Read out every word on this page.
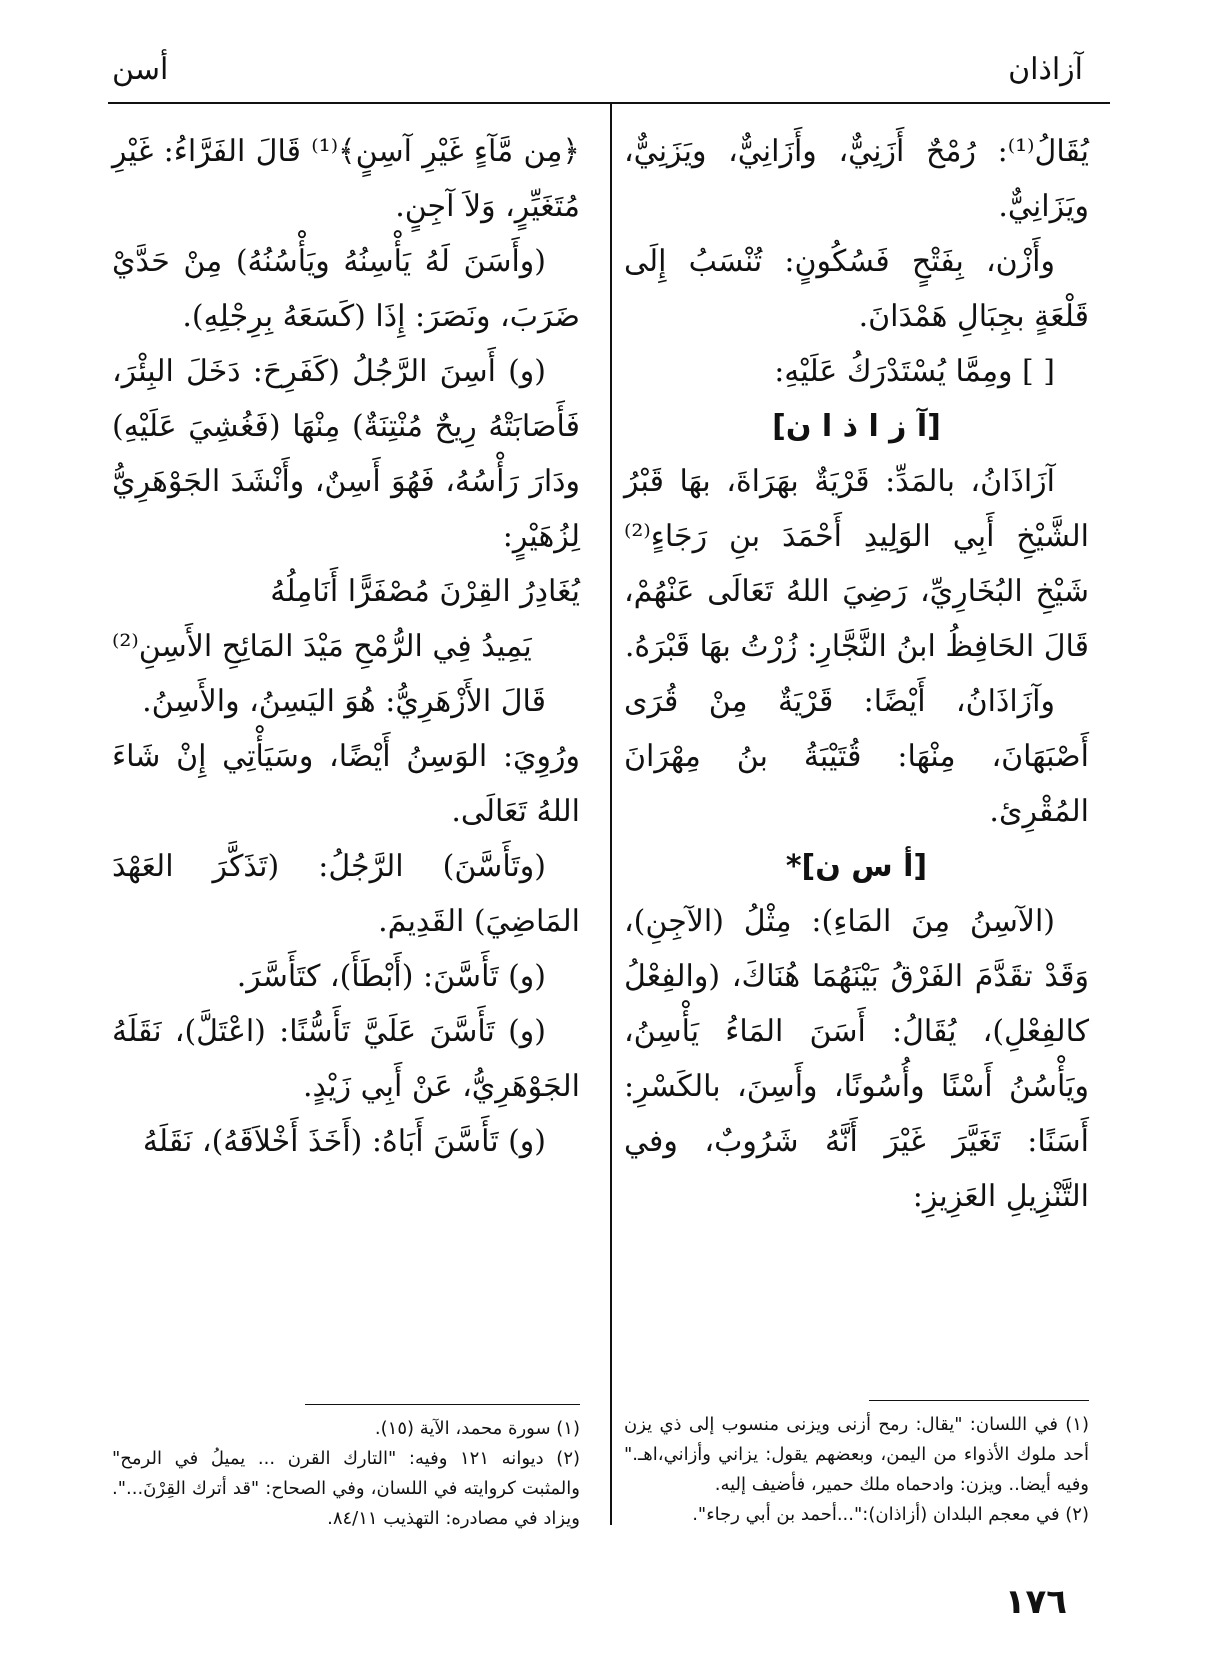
آزاذان
أسن

يُقَالُ⁽¹⁾: رُمْحٌ أَزَنِيٌّ، وأَزَانِيٌّ، ويَزَنِيٌّ، ويَزَانِيٌّ.

وأَزْن، بِفَتْحٍ فَسُكُونٍ: تُنْسَبُ إِلَى قَلْعَةٍ بجِبَالِ هَمْدَانَ.

[ ] ومِمَّا يُسْتَدْرَكُ عَلَيْهِ:

[آ ز ا ذ ا ن]

آزَاذَانُ، بالمَدِّ: قَرْيَةٌ بهَرَاةَ، بهَا قَبْرُ الشَّيْخِ أَبِي الوَلِيدِ أَحْمَدَ بنِ رَجَاءٍ⁽²⁾ شَيْخِ البُخَارِيِّ، رَضِيَ اللهُ تَعَالَى عَنْهُمْ، قَالَ الحَافِظُ ابنُ النَّجَّارِ: زُرْتُ بهَا قَبْرَهُ.

وآزَاذَانُ، أَيْضًا: قَرْيَةٌ مِنْ قُرَى أَصْبَهَانَ، مِنْهَا: قُتَيْبَةُ بنُ مِهْرَانَ المُقْرِئ.

[أ س ن]*

(الآسِنُ مِنَ المَاءِ): مِثْلُ (الآجِنِ)، وَقَدْ تقَدَّمَ الفَرْقُ بَيْنَهُمَا هُنَاكَ، (والفِعْلُ كالفِعْلِ)، يُقَالُ: أَسَنَ المَاءُ يَأْسِنُ، ويَأْسُنُ أَسْنًا وأُسُونًا، وأَسِنَ، بالكَسْرِ: أَسَنًا: تَغَيَّرَ غَيْرَ أَنَّهُ شَرُوبٌ، وفي التَّنْزِيلِ العَزِيزِ:

﴿مِن مَّآءٍ غَيْرِ آسِنٍ﴾⁽¹⁾ قَالَ الفَرَّاءُ: غَيْرِ مُتَغَيِّرٍ، وَلاَ آجِنٍ.

(وأَسَنَ لَهُ يَأْسِنُهُ ويَأْسُنُهُ) مِنْ حَدَّيْ ضَرَبَ، ونَصَرَ: إِذَا (كَسَعَهُ بِرِجْلِهِ).

(و) أَسِنَ الرَّجُلُ (كَفَرِحَ: دَخَلَ البِئْرَ، فَأَصَابَتْهُ رِيحٌ مُنْتِنَةٌ) مِنْهَا (فَغُشِيَ عَلَيْهِ) ودَارَ رَأْسُهُ، فَهُوَ أَسِنٌ، وأَنْشَدَ الجَوْهَرِيُّ لِزُهَيْرٍ:

يُغَادِرُ القِرْنَ مُصْفَرًّا أَنَامِلُهُ

يَمِيدُ فِي الرُّمْحِ مَيْدَ المَائِحِ الأَسِنِ⁽²⁾

قَالَ الأَزْهَرِيُّ: هُوَ اليَسِنُ، والأَسِنُ.

ورُوِيَ: الوَسِنُ أَيْضًا، وسَيَأْتِي إِنْ شَاءَ اللهُ تَعَالَى.

(وتَأَسَّنَ) الرَّجُلُ: (تَذَكَّرَ العَهْدَ المَاضِيَ) القَدِيمَ.

(و) تَأَسَّنَ: (أَبْطَأَ)، كتَأَسَّرَ.

(و) تَأَسَّنَ عَلَيَّ تَأَسُّنًا: (اعْتَلَّ)، نَقَلَهُ الجَوْهَرِيُّ، عَنْ أَبِي زَيْدٍ.

(و) تَأَسَّنَ أَبَاهُ: (أَخَذَ أَخْلاَقَهُ)، نَقَلَهُ

(١) في اللسان: "يقال: رمح أزنى ويزنى منسوب إلى ذي يزن أحد ملوك الأذواء من اليمن، وبعضهم يقول: يزاني وأزاني،اهـ." وفيه أيضا.. ويزن: وادحماه ملك حمير، فأضيف إليه.

(٢) في معجم البلدان (أزاذان):"...أحمد بن أبي رجاء".

(١) سورة محمد، الآية (١٥).

(٢) ديوانه ١٢١ وفيه: "التارك القرن ... يميلُ في الرمح" والمثبت كروايته في اللسان، وفي الصحاح: "قد أترك القِرْنَ...". ويزاد في مصادره: التهذيب ٨٤/١١.

١٧٦
